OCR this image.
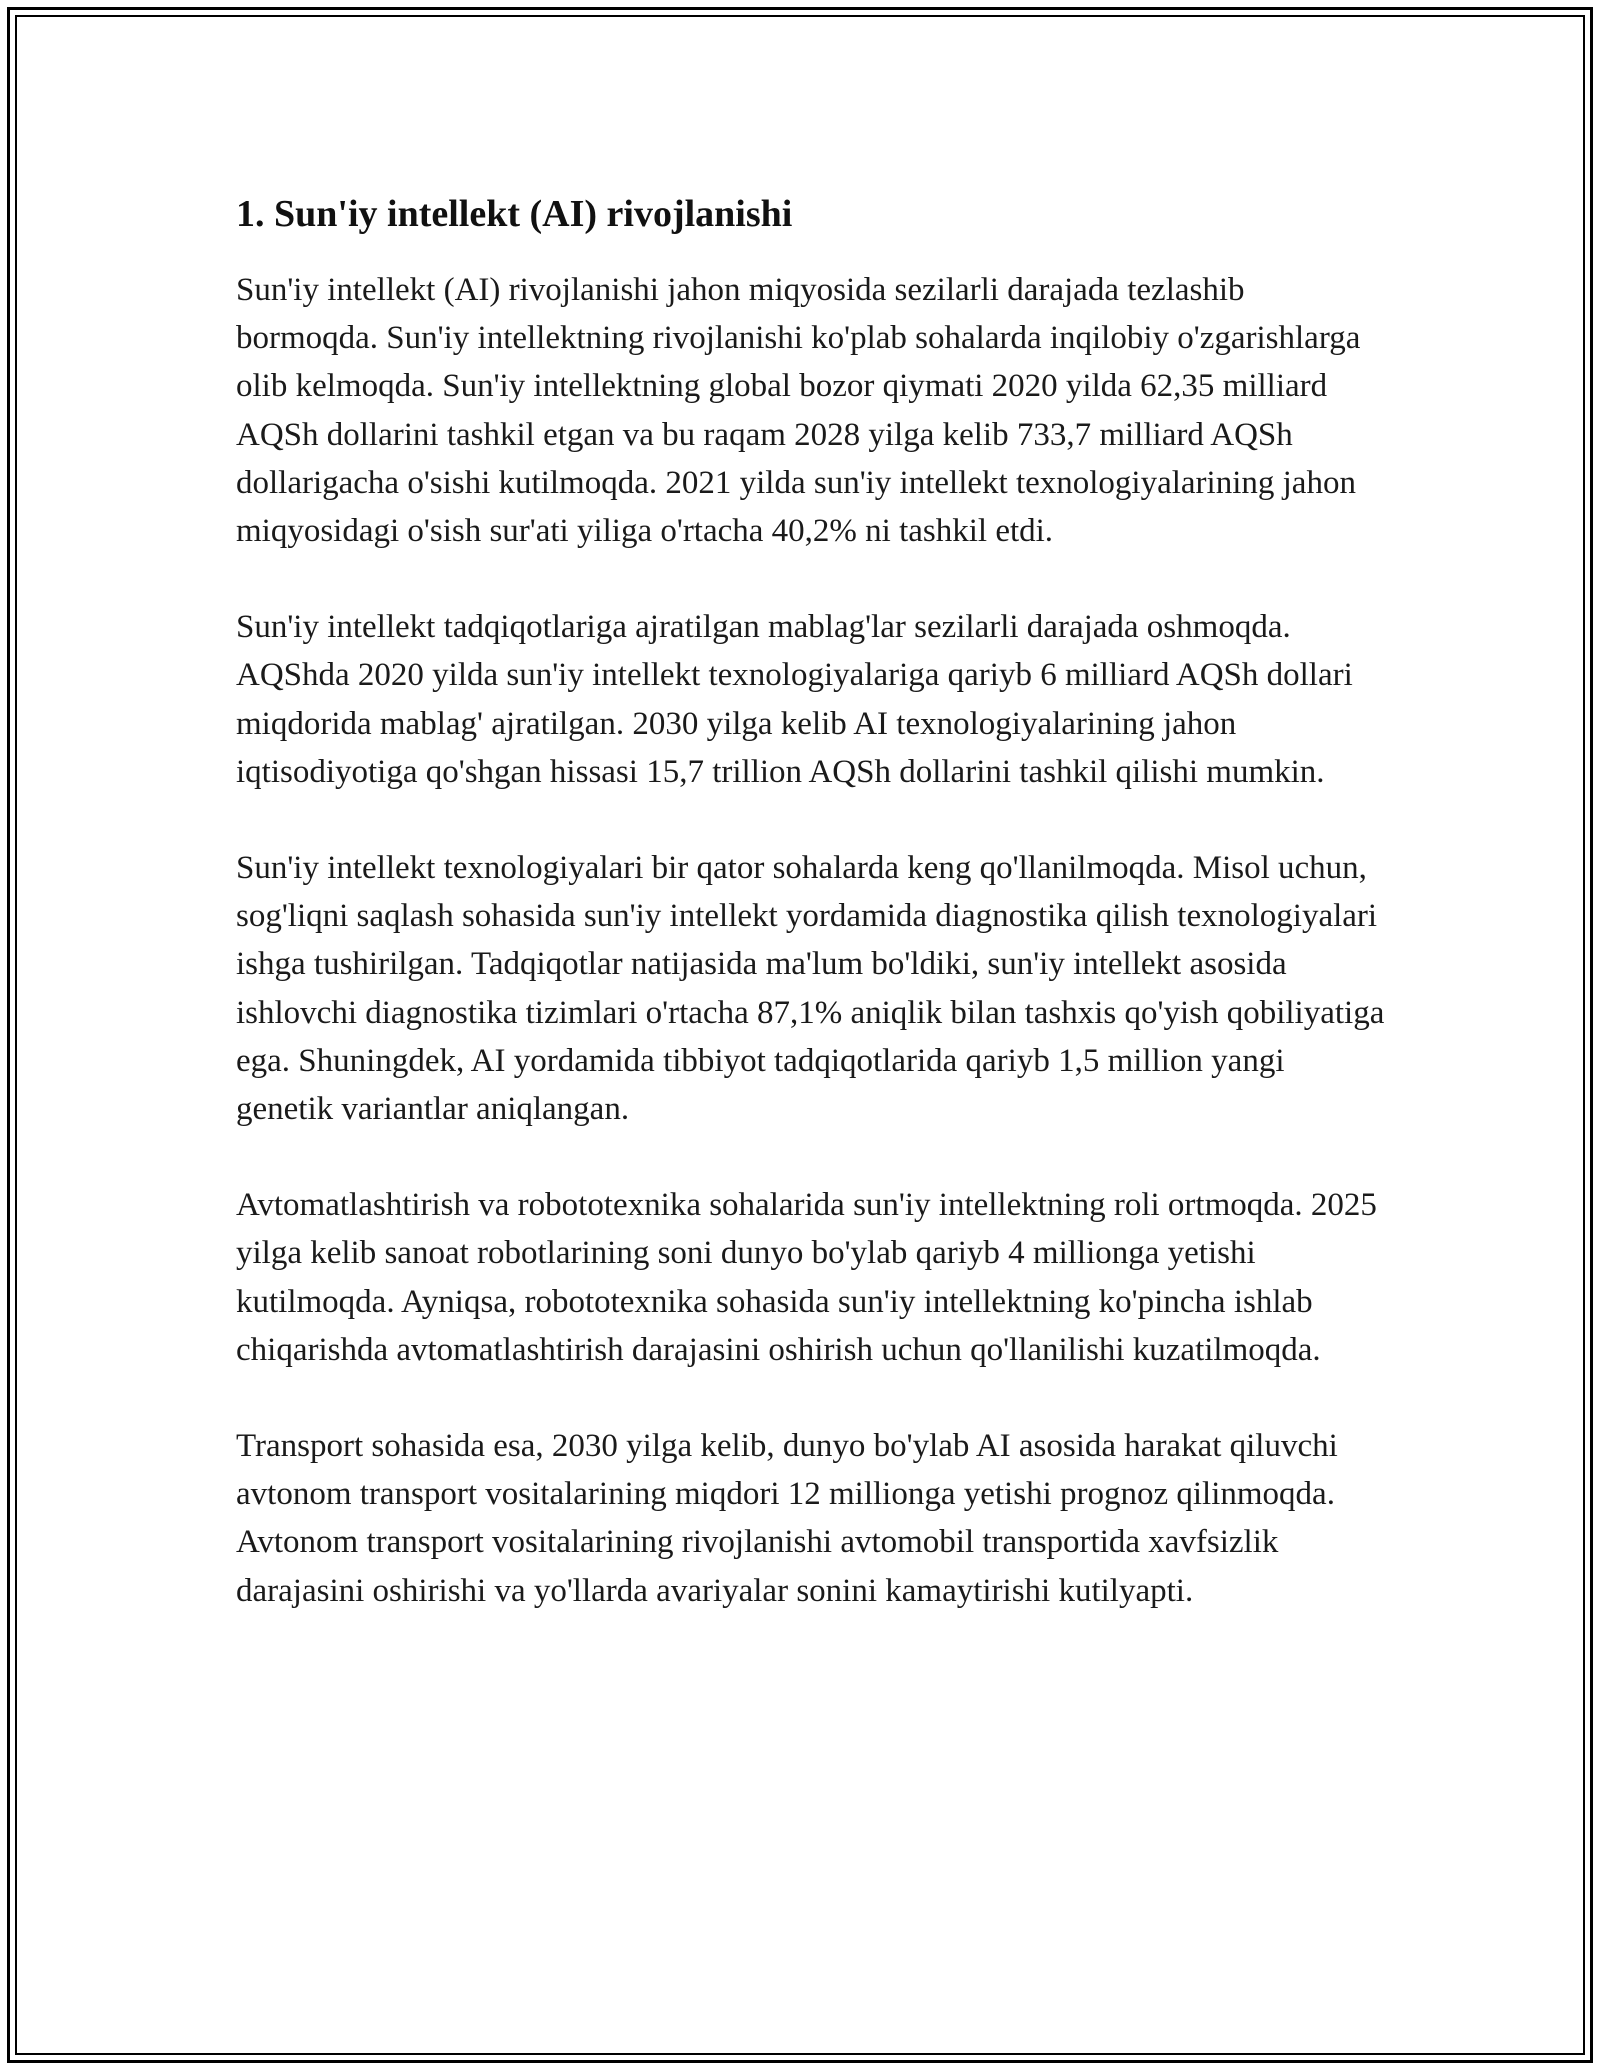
1. Sun'iy intellekt (AI) rivojlanishi

Sun'iy intellekt (AI) rivojlanishi jahon miqyosida sezilarli darajada tezlashib bormoqda. Sun'iy intellektning rivojlanishi ko'plab sohalarda inqilobiy o'zgarishlarga olib kelmoqda. Sun'iy intellektning global bozor qiymati 2020 yilda 62,35 milliard AQSh dollarini tashkil etgan va bu raqam 2028 yilga kelib 733,7 milliard AQSh dollarigacha o'sishi kutilmoqda. 2021 yilda sun'iy intellekt texnologiyalarining jahon miqyosidagi o'sish sur'ati yiliga o'rtacha 40,2% ni tashkil etdi.

Sun'iy intellekt tadqiqotlariga ajratilgan mablag'lar sezilarli darajada oshmoqda. AQShda 2020 yilda sun'iy intellekt texnologiyalariga qariyb 6 milliard AQSh dollari miqdorida mablag' ajratilgan. 2030 yilga kelib AI texnologiyalarining jahon iqtisodiyotiga qo'shgan hissasi 15,7 trillion AQSh dollarini tashkil qilishi mumkin.

Sun'iy intellekt texnologiyalari bir qator sohalarda keng qo'llanilmoqda. Misol uchun, sog'liqni saqlash sohasida sun'iy intellekt yordamida diagnostika qilish texnologiyalari ishga tushirilgan. Tadqiqotlar natijasida ma'lum bo'ldiki, sun'iy intellekt asosida ishlovchi diagnostika tizimlari o'rtacha 87,1% aniqlik bilan tashxis qo'yish qobiliyatiga ega. Shuningdek, AI yordamida tibbiyot tadqiqotlarida qariyb 1,5 million yangi genetik variantlar aniqlangan.

Avtomatlashtirish va robototexnika sohalarida sun'iy intellektning roli ortmoqda. 2025 yilga kelib sanoat robotlarining soni dunyo bo'ylab qariyb 4 millionga yetishi kutilmoqda. Ayniqsa, robototexnika sohasida sun'iy intellektning ko'pincha ishlab chiqarishda avtomatlashtirish darajasini oshirish uchun qo'llanilishi kuzatilmoqda.

Transport sohasida esa, 2030 yilga kelib, dunyo bo'ylab AI asosida harakat qiluvchi avtonom transport vositalarining miqdori 12 millionga yetishi prognoz qilinmoqda. Avtonom transport vositalarining rivojlanishi avtomobil transportida xavfsizlik darajasini oshirishi va yo'llarda avariyalar sonini kamaytirishi kutilyapti.
